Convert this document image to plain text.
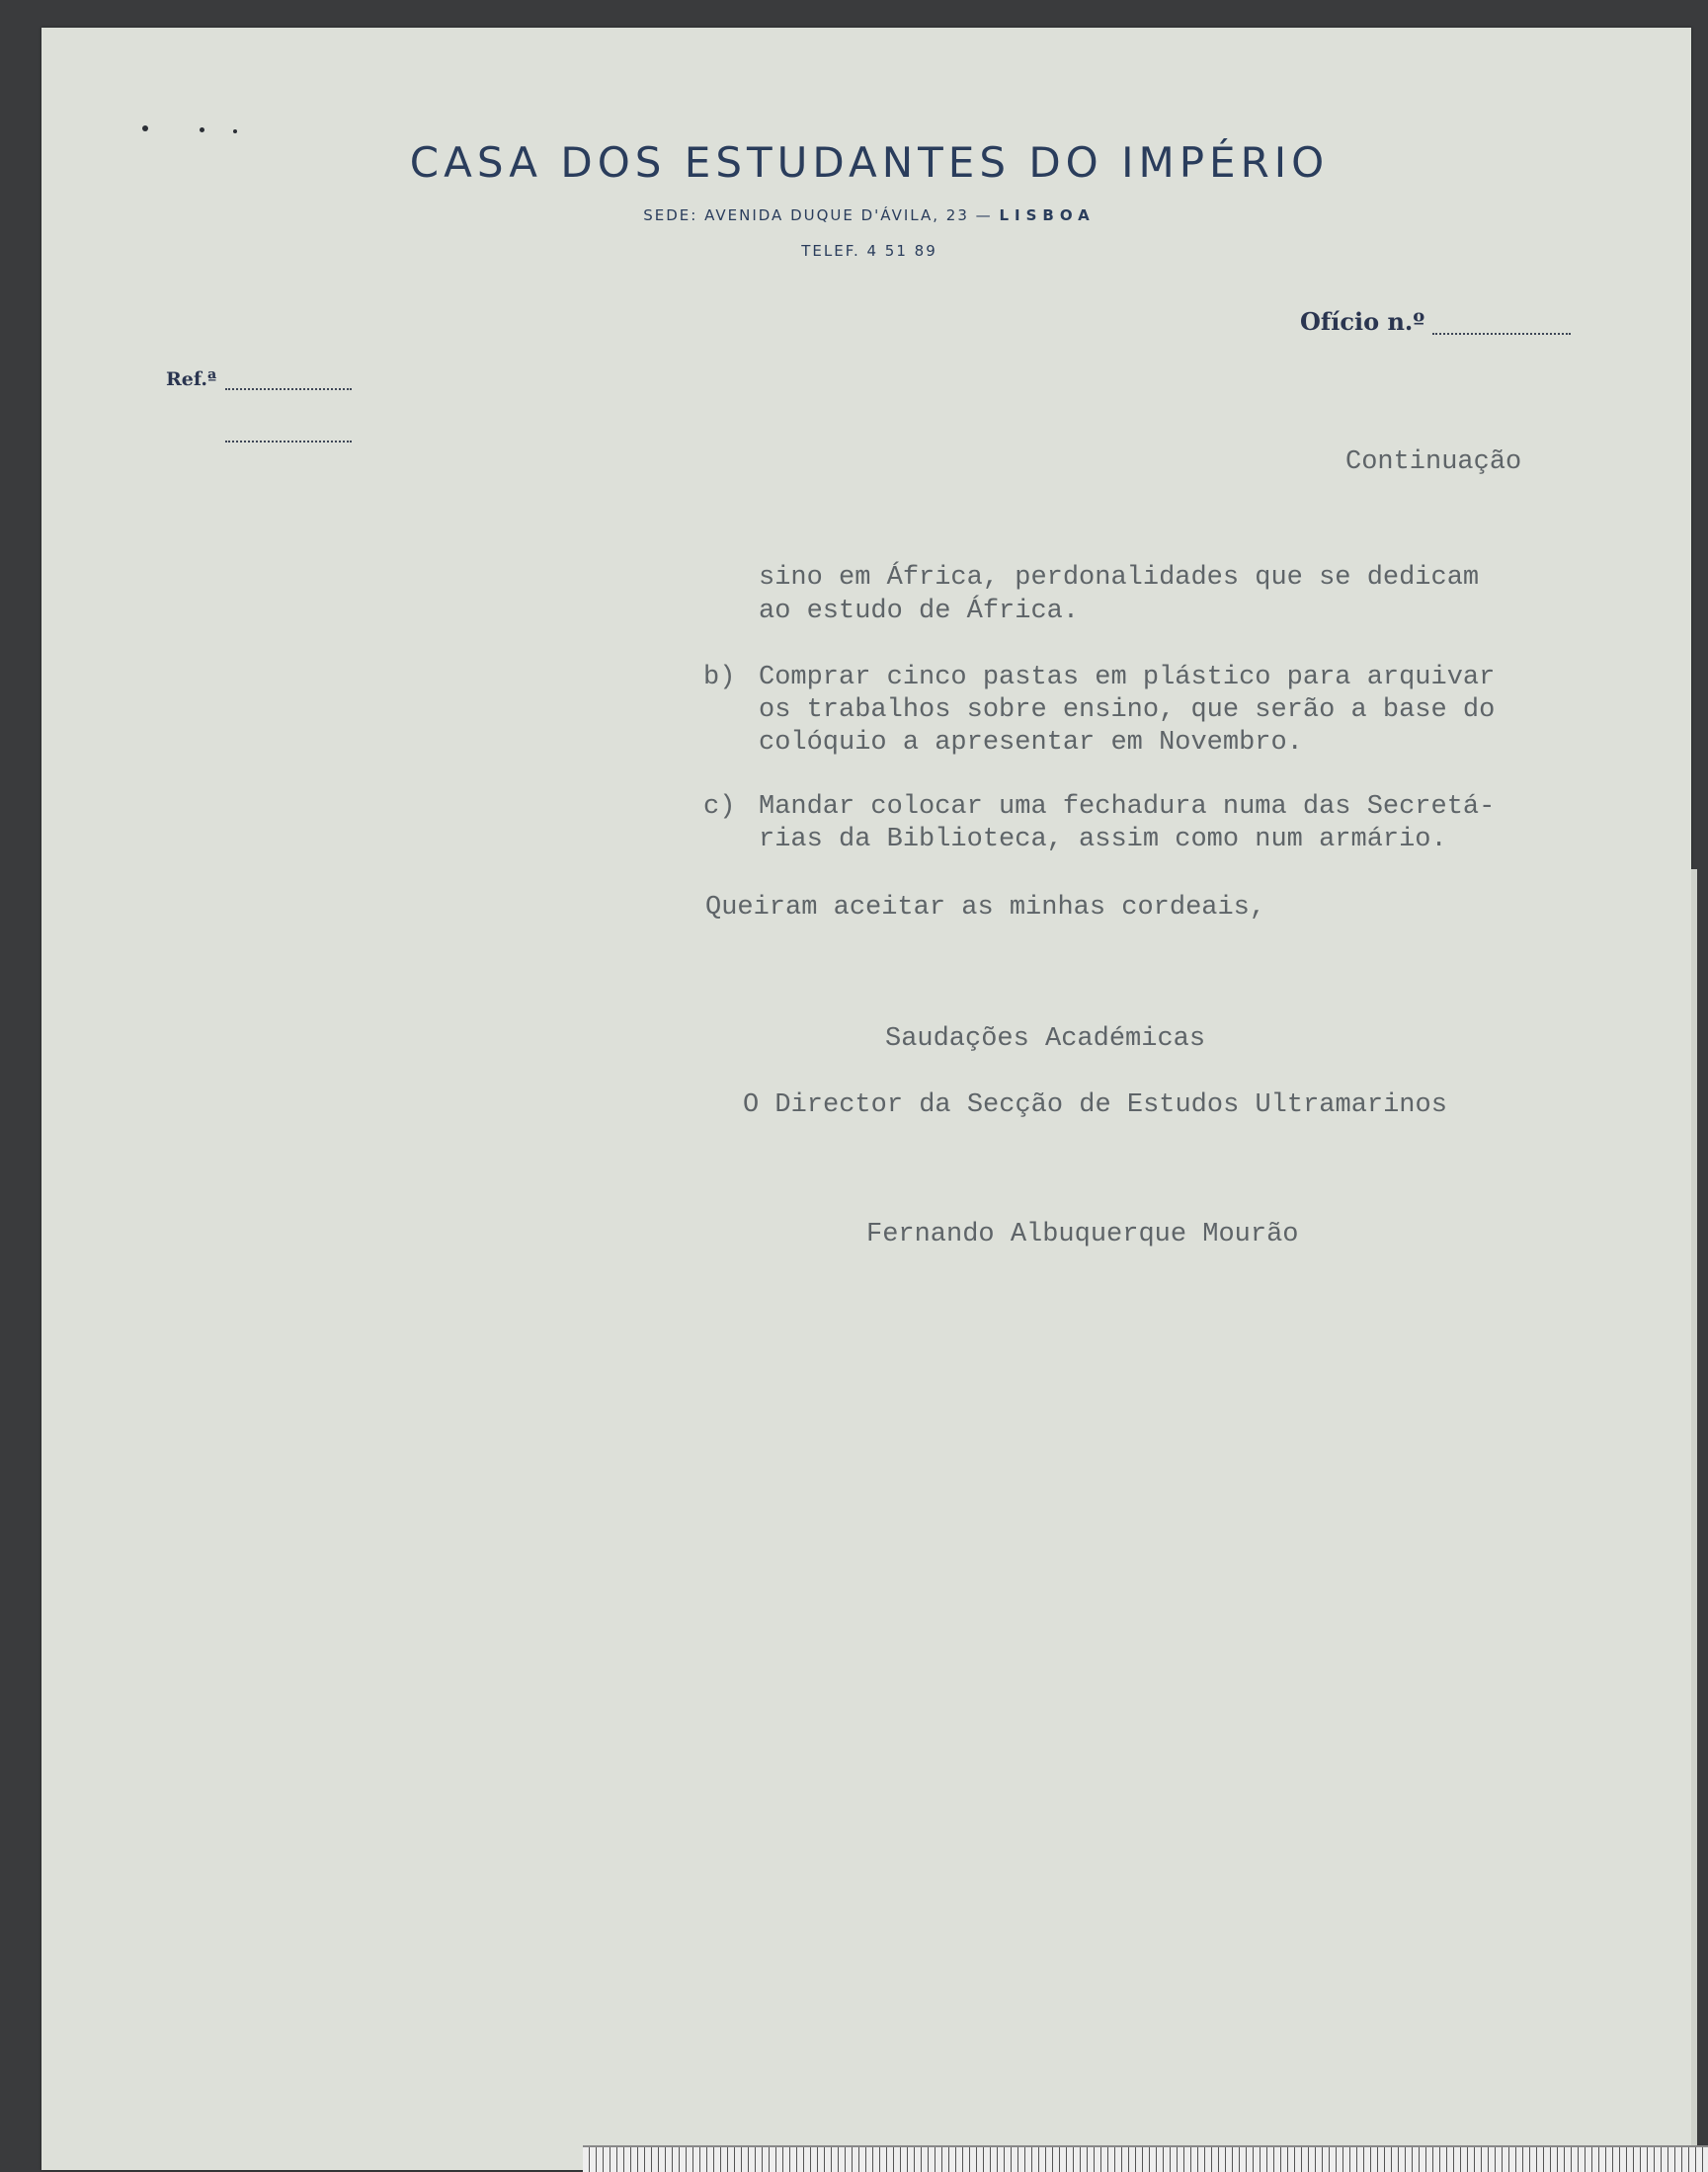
CASA DOS ESTUDANTES DO IMPÉRIO
SEDE: AVENIDA DUQUE D'ÁVILA, 23 — LISBOA
TELEF. 4 51 89
Ofício n.º
Ref.ª
Continuação
sino em África, perdonalidades que se dedicam
ao estudo de África.
b) Comprar cinco pastas em plástico para arquivar
os trabalhos sobre ensino, que serão a base do
colóquio a apresentar em Novembro.
c) Mandar colocar uma fechadura numa das Secretá-
rias da Biblioteca, assim como num armário.
Queiram aceitar as minhas cordeais,
Saudações Académicas
O Director da Secção de Estudos Ultramarinos
Fernando Albuquerque Mourão
